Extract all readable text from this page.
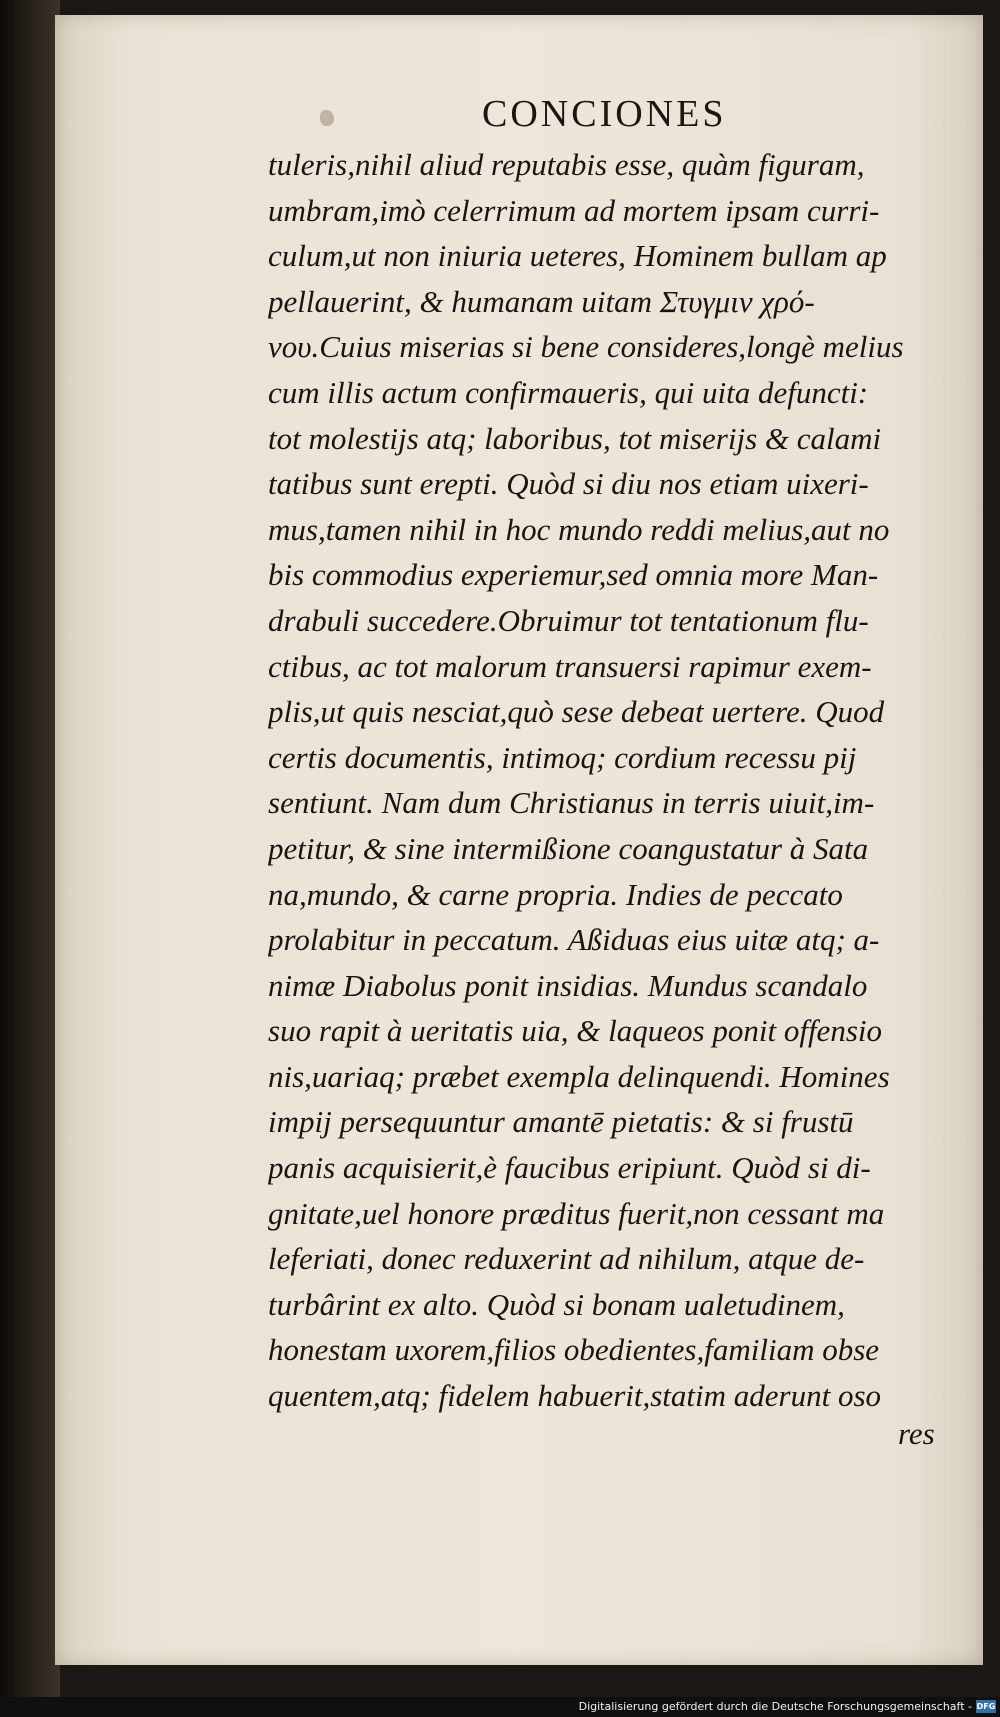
CONCIONES
tuleris,nihil aliud reputabis esse, quàm figuram,
umbram,imò celerrimum ad mortem ipsam curri-
culum,ut non iniuria ueteres, Hominem bullam ap
pellauerint, & humanam uitam Στυγμιν χρό-
νου.Cuius miserias si bene consideres,longè melius
cum illis actum confirmaueris, qui uita defuncti:
tot molestijs atq; laboribus, tot miserijs & calami
tatibus sunt erepti. Quòd si diu nos etiam uixeri-
mus,tamen nihil in hoc mundo reddi melius,aut no
bis commodius experiemur,sed omnia more Man-
drabuli succedere.Obruimur tot tentationum flu-
ctibus, ac tot malorum transuersi rapimur exem-
plis,ut quis nesciat,quò sese debeat uertere. Quod
certis documentis, intimoq; cordium recessu pij
sentiunt. Nam dum Christianus in terris uiuit,im-
petitur, & sine intermißione coangustatur à Sata
na,mundo, & carne propria. Indies de peccato
prolabitur in peccatum. Aßiduas eius uitæ atq; a-
nimæ Diabolus ponit insidias. Mundus scandalo
suo rapit à ueritatis uia, & laqueos ponit offensio
nis,uariaq; præbet exempla delinquendi. Homines
impij persequuntur amantē pietatis: & si frustū
panis acquisierit,è faucibus eripiunt. Quòd si di-
gnitate,uel honore præditus fuerit,non cessant ma
leferiati, donec reduxerint ad nihilum, atque de-
turbârint ex alto. Quòd si bonam ualetudinem,
honestam uxorem,filios obedientes,familiam obse
quentem,atq; fidelem habuerit,statim aderunt oso
res
Digitalisierung gefördert durch die Deutsche Forschungsgemeinschaft - DFG
